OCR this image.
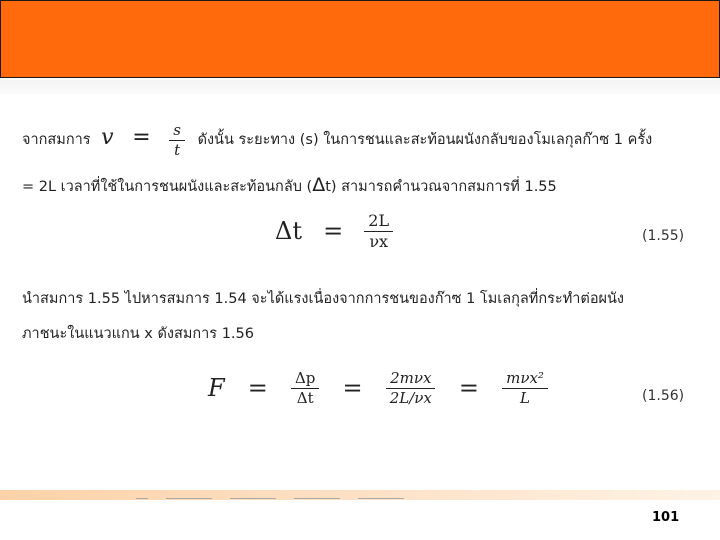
จากสมการ $v = \frac{s}{t}$ ดังนั้น ระยะทาง (s) ในการชนและสะท้อนผนังกลับของโมเลกุลก๊าซ 1 ครั้ง
= 2L เวลาที่ใช้ในการชนผนังและสะท้อนกลับ (Δt) สามารถคำนวณจากสมการที่ 1.55
$\Delta t = \frac{2L}{\nu x}$	(1.55)
นำสมการ 1.55 ไปหารสมการ 1.54 จะได้แรงเนื่องจากการชนของก๊าซ 1 โมเลกุลที่กระทำต่อผนัง
ภาชนะในแนวแกน x ดังสมการ 1.56
$F = \frac{\Delta p}{\Delta t} = \frac{\text{2mνx}}{2L/\nu x} = \frac{\text{mνx²}}{L}$	(1.56)
101
